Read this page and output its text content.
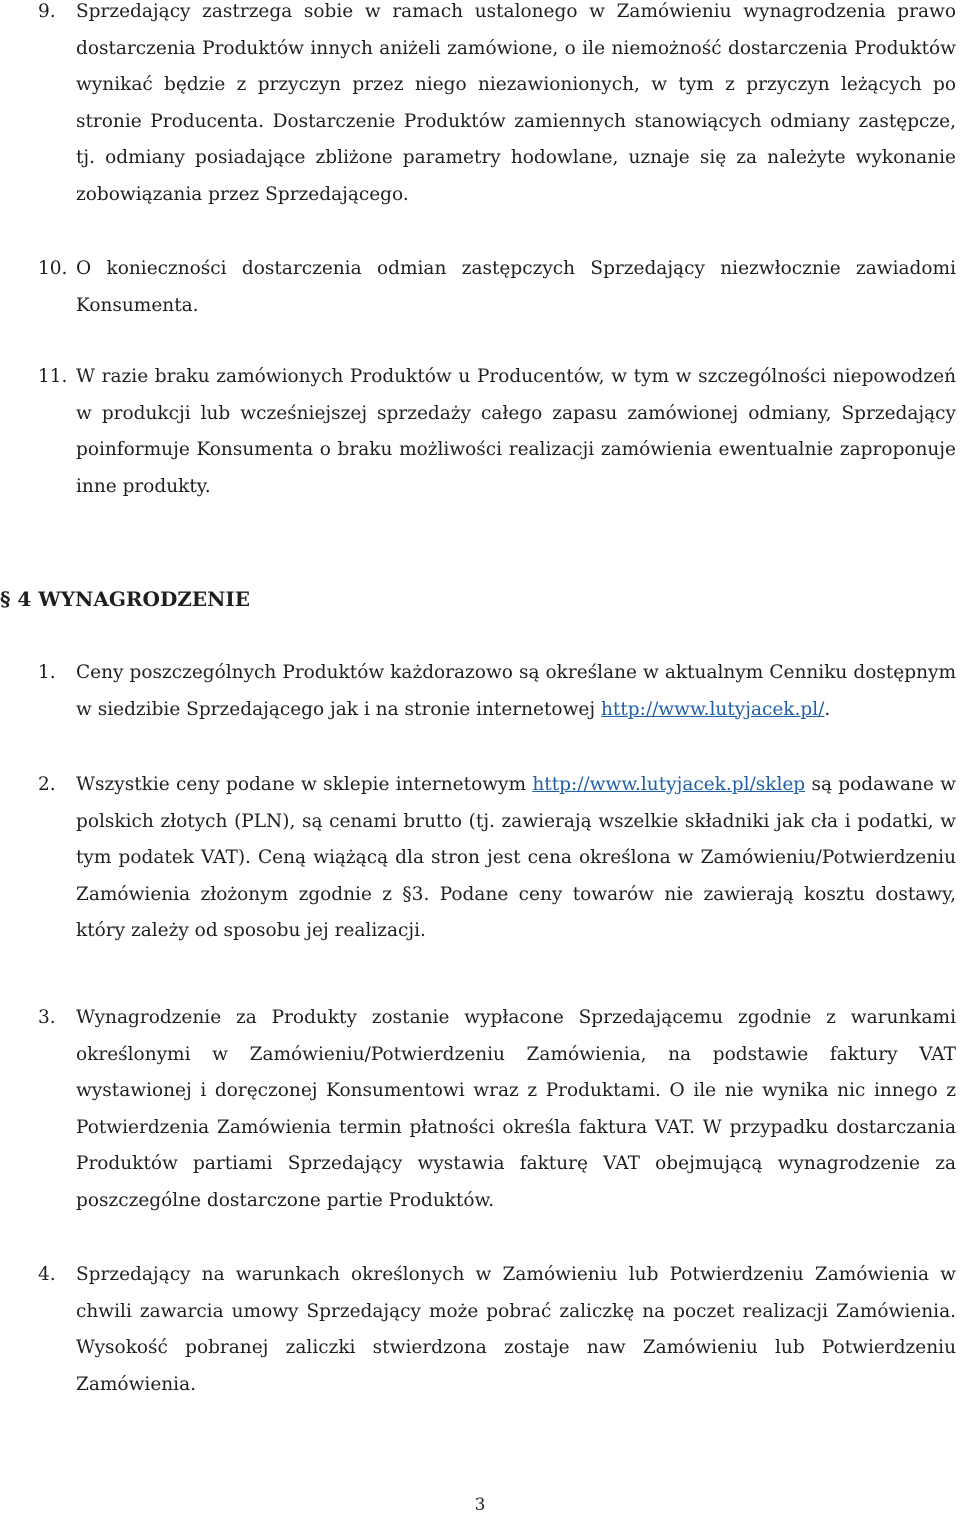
9. Sprzedający zastrzega sobie w ramach ustalonego w Zamówieniu wynagrodzenia prawo dostarczenia Produktów innych aniżeli zamówione, o ile niemożność dostarczenia Produktów wynikać będzie z przyczyn przez niego niezawionionych, w tym z przyczyn leżących po stronie Producenta. Dostarczenie Produktów zamiennych stanowiących odmiany zastępcze, tj. odmiany posiadające zbliżone parametry hodowlane, uznaje się za należyte wykonanie zobowiązania przez Sprzedającego.
10. O konieczności dostarczenia odmian zastępczych Sprzedający niezwłocznie zawiadomi Konsumenta.
11. W razie braku zamówionych Produktów u Producentów, w tym w szczególności niepowodzeń w produkcji lub wcześniejszej sprzedaży całego zapasu zamówionej odmiany, Sprzedający poinformuje Konsumenta o braku możliwości realizacji zamówienia ewentualnie zaproponuje inne produkty.
§ 4 WYNAGRODZENIE
1. Ceny poszczególnych Produktów każdorazowo są określane w aktualnym Cenniku dostępnym w siedzibie Sprzedającego jak i na stronie internetowej http://www.lutyjacek.pl/.
2. Wszystkie ceny podane w sklepie internetowym http://www.lutyjacek.pl/sklep są podawane w polskich złotych (PLN), są cenami brutto (tj. zawierają wszelkie składniki jak cła i podatki, w tym podatek VAT). Ceną wiążącą dla stron jest cena określona w Zamówieniu/Potwierdzeniu Zamówienia złożonym zgodnie z §3. Podane ceny towarów nie zawierają kosztu dostawy, który zależy od sposobu jej realizacji.
3. Wynagrodzenie za Produkty zostanie wypłacone Sprzedającemu zgodnie z warunkami określonymi w Zamówieniu/Potwierdzeniu Zamówienia, na podstawie faktury VAT wystawionej i doręczonej Konsumentowi wraz z Produktami. O ile nie wynika nic innego z Potwierdzenia Zamówienia termin płatności określa faktura VAT. W przypadku dostarczania Produktów partiami Sprzedający wystawia fakturę VAT obejmującą wynagrodzenie za poszczególne dostarczone partie Produktów.
4. Sprzedający na warunkach określonych w Zamówieniu lub Potwierdzeniu Zamówienia w chwili zawarcia umowy Sprzedający może pobrać zaliczkę na poczet realizacji Zamówienia. Wysokość pobranej zaliczki stwierdzona zostaje naw Zamówieniu lub Potwierdzeniu Zamówienia.
3
